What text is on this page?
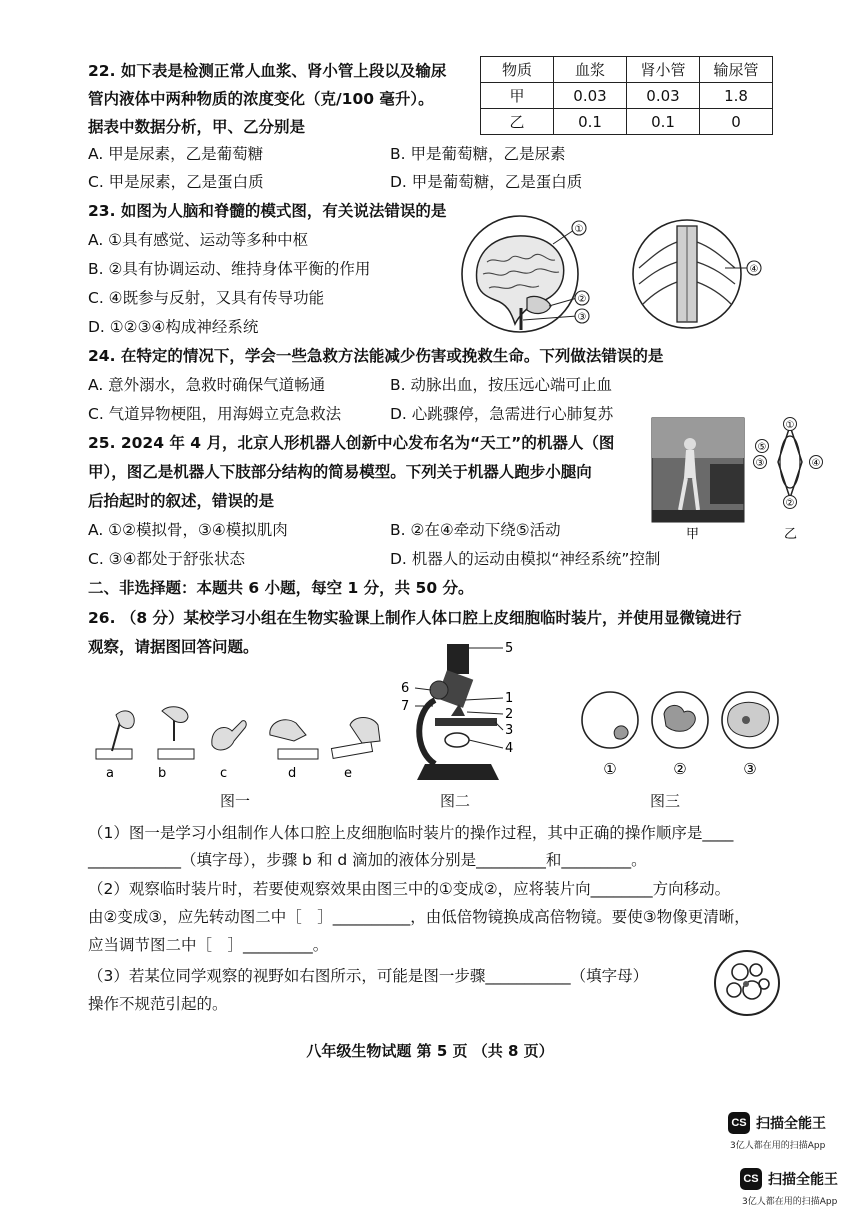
22. 如下表是检测正常人血浆、肾小管上段以及输尿
管内液体中两种物质的浓度变化（克/100 毫升）。
据表中数据分析，甲、乙分别是
物质	血浆	肾小管	输尿管
甲	0.03	0.03	1.8
乙	0.1	0.1	0
A. 甲是尿素，乙是葡萄糖	B. 甲是葡萄糖，乙是尿素
C. 甲是尿素，乙是蛋白质	D. 甲是葡萄糖，乙是蛋白质
23. 如图为人脑和脊髓的模式图，有关说法错误的是
A. ①具有感觉、运动等多种中枢
B. ②具有协调运动、维持身体平衡的作用
C. ④既参与反射，又具有传导功能
D. ①②③④构成神经系统
①
②
③
④
24. 在特定的情况下，学会一些急救方法能减少伤害或挽救生命。下列做法错误的是
A. 意外溺水，急救时确保气道畅通	B. 动脉出血，按压远心端可止血
C. 气道异物梗阻，用海姆立克急救法	D. 心跳骤停，急需进行心肺复苏
25. 2024 年 4 月，北京人形机器人创新中心发布名为“天工”的机器人（图
甲），图乙是机器人下肢部分结构的简易模型。下列关于机器人跑步小腿向
后抬起时的叙述，错误的是
A. ①②模拟骨，③④模拟肌肉	B. ②在④牵动下绕⑤活动
C. ③④都处于舒张状态	D. 机器人的运动由模拟“神经系统”控制
甲
①
②
③	④
⑤
乙
二、非选择题：本题共 6 小题，每空 1 分，共 50 分。
26. （8 分）某校学习小组在生物实验课上制作人体口腔上皮细胞临时装片，并使用显微镜进行
观察，请据图回答问题。
a	b	c	d	e
图一
5
1
2
3
4
6
7
图二
①	②	③
图三
（1）图一是学习小组制作人体口腔上皮细胞临时装片的操作过程，其中正确的操作顺序是____
____________（填字母），步骤 b 和 d 滴加的液体分别是_________和_________。
（2）观察临时装片时，若要使观察效果由图三中的①变成②，应将装片向________方向移动。
由②变成③，应先转动图二中［　］__________，由低倍物镜换成高倍物镜。要使③物像更清晰，
应当调节图二中［　］_________。
（3）若某位同学观察的视野如右图所示，可能是图一步骤___________（填字母）
操作不规范引起的。
八年级生物试题 第 5 页 （共 8 页）
CS 扫描全能王
3亿人都在用的扫描App
CS 扫描全能王
3亿人都在用的扫描App
